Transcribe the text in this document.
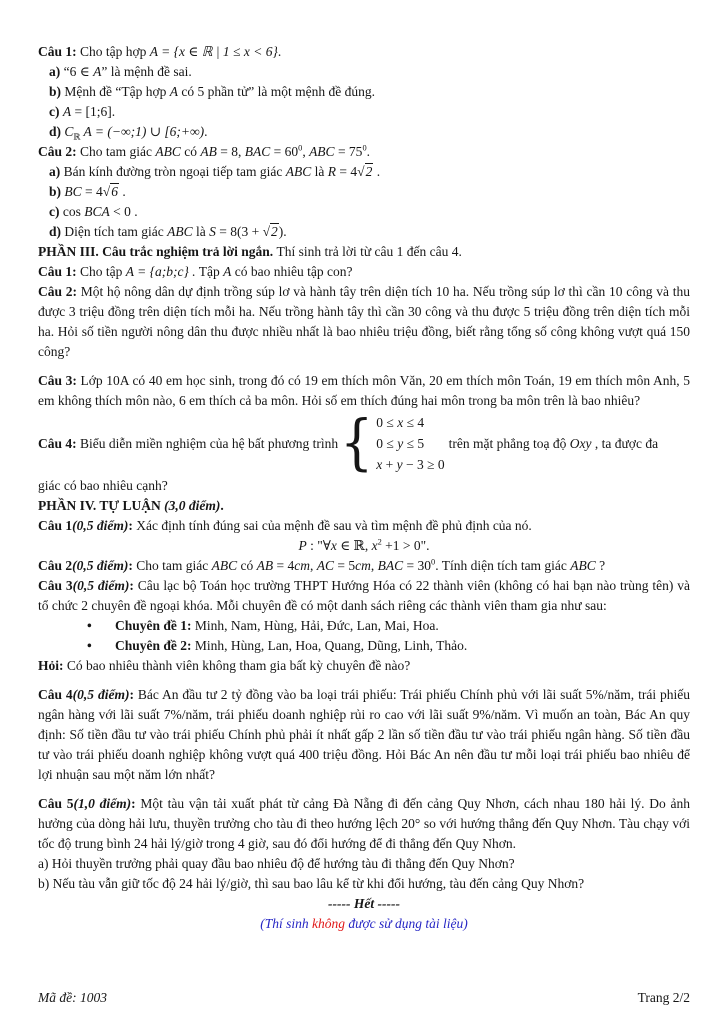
Câu 1: Cho tập hợp A = {x ∈ ℝ | 1 ≤ x < 6}.
a) “6 ∈ A” là mệnh đề sai.
b) Mệnh đề “Tập hợp A có 5 phần tử” là một mệnh đề đúng.
c) A = [1;6].
d) $C_ℝ$ A = (−∞;1) ∪ [6;+∞).
Câu 2: Cho tam giác ABC có AB = 8, BAC = $60^0$, ABC = $75^0$.
a) Bán kính đường tròn ngoại tiếp tam giác ABC là R = 4√2 .
b) BC = 4√6 .
c) cos BCA < 0 .
d) Diện tích tam giác ABC là S = 8(3 + √2).
PHẦN III. Câu trắc nghiệm trả lời ngắn. Thí sinh trả lời từ câu 1 đến câu 4.
Câu 1: Cho tập A = {a;b;c} . Tập A có bao nhiêu tập con?
Câu 2: Một hộ nông dân dự định trồng súp lơ và hành tây trên diện tích 10 ha. Nếu trồng súp lơ thì cần 10 công và thu được 3 triệu đồng trên diện tích mỗi ha. Nếu trồng hành tây thì cần 30 công và thu được 5 triệu đồng trên diện tích mỗi ha. Hỏi số tiền người nông dân thu được nhiều nhất là bao nhiêu triệu đồng, biết rằng tổng số công không vượt quá 150 công?
Câu 3: Lớp 10A có 40 em học sinh, trong đó có 19 em thích môn Văn, 20 em thích môn Toán, 19 em thích môn Anh, 5 em không thích môn nào, 6 em thích cả ba môn. Hỏi số em thích đúng hai môn trong ba môn trên là bao nhiêu?
Câu 4: Biểu diễn miền nghiệm của hệ bất phương trình { 0 ≤ x ≤ 4
0 ≤ y ≤ 5
x + y − 3 ≥ 0
trên mặt phẳng toạ độ Oxy , ta được đa
giác có bao nhiêu cạnh?
PHẦN IV. TỰ LUẬN (3,0 điểm).
Câu 1(0,5 điểm): Xác định tính đúng sai của mệnh đề sau và tìm mệnh đề phủ định của nó.
P : "∀x ∈ ℝ, $x^2 +1 > 0$".
Câu 2(0,5 điểm): Cho tam giác ABC có AB = 4cm, AC = 5cm, BAC = $30^0$. Tính diện tích tam giác ABC ?
Câu 3(0,5 điểm): Câu lạc bộ Toán học trường THPT Hướng Hóa có 22 thành viên (không có hai bạn nào trùng tên) và tổ chức 2 chuyên đề ngoại khóa. Mỗi chuyên đề có một danh sách riêng các thành viên tham gia như sau:
• Chuyên đề 1: Minh, Nam, Hùng, Hải, Đức, Lan, Mai, Hoa.
• Chuyên đề 2: Minh, Hùng, Lan, Hoa, Quang, Dũng, Linh, Thảo.
Hỏi: Có bao nhiêu thành viên không tham gia bất kỳ chuyên đề nào?
Câu 4(0,5 điểm): Bác An đầu tư 2 tỷ đồng vào ba loại trái phiếu: Trái phiếu Chính phủ với lãi suất 5%/năm, trái phiếu ngân hàng với lãi suất 7%/năm, trái phiếu doanh nghiệp rủi ro cao với lãi suất 9%/năm. Vì muốn an toàn, Bác An quy định: Số tiền đầu tư vào trái phiếu Chính phủ phải ít nhất gấp 2 lần số tiền đầu tư vào trái phiếu ngân hàng. Số tiền đầu tư vào trái phiếu doanh nghiệp không vượt quá 400 triệu đồng. Hỏi Bác An nên đầu tư mỗi loại trái phiếu bao nhiêu để lợi nhuận sau một năm lớn nhất?
Câu 5(1,0 điểm): Một tàu vận tải xuất phát từ cảng Đà Nẵng đi đến cảng Quy Nhơn, cách nhau 180 hải lý. Do ảnh hưởng của dòng hải lưu, thuyền trưởng cho tàu đi theo hướng lệch 20° so với hướng thẳng đến Quy Nhơn. Tàu chạy với tốc độ trung bình 24 hải lý/giờ trong 4 giờ, sau đó đổi hướng để đi thẳng đến Quy Nhơn.
a) Hỏi thuyền trưởng phải quay đầu bao nhiêu độ để hướng tàu đi thẳng đến Quy Nhơn?
b) Nếu tàu vẫn giữ tốc độ 24 hải lý/giờ, thì sau bao lâu kể từ khi đổi hướng, tàu đến cảng Quy Nhơn?
----- Hết -----
(Thí sinh không được sử dụng tài liệu)
Mã đề: 1003	Trang 2/2
